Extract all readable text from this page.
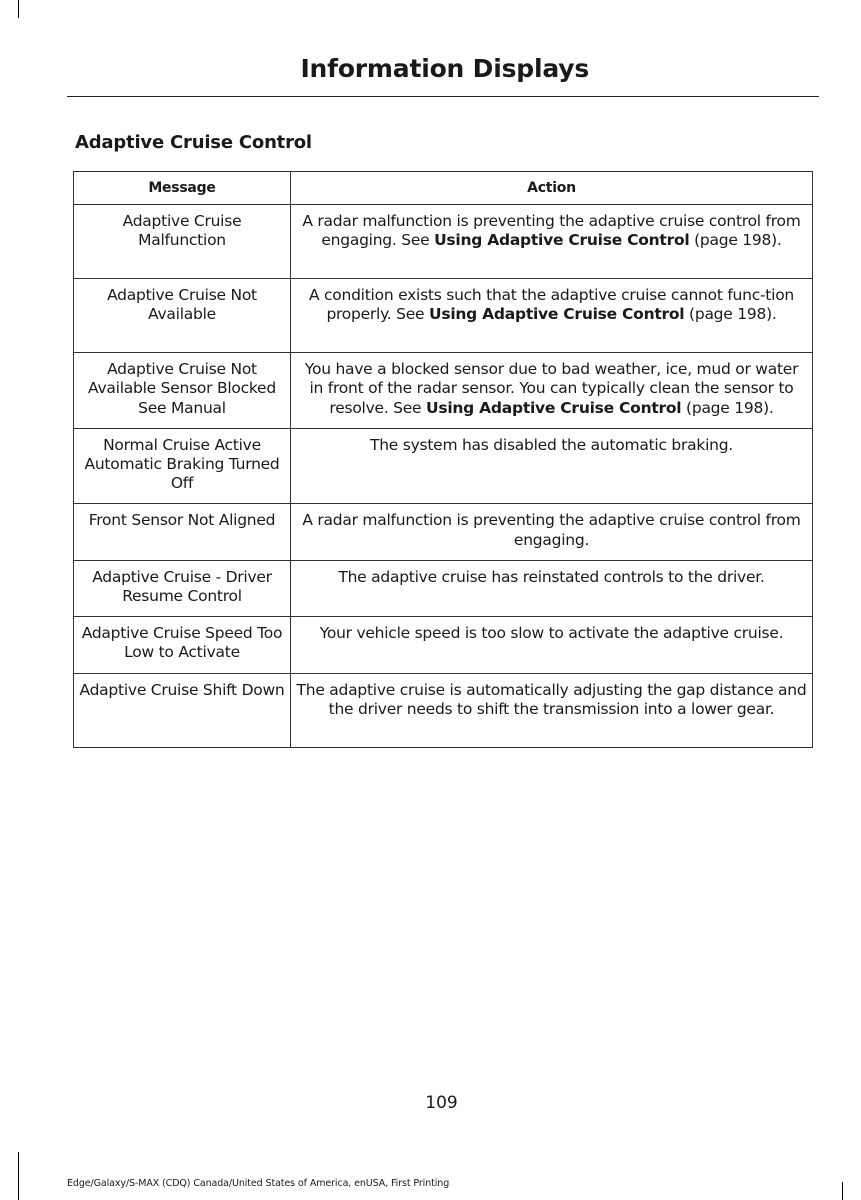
Information Displays
Adaptive Cruise Control
Message	Action
Adaptive Cruise Malfunction	A radar malfunction is preventing the adaptive cruise control from engaging. See Using Adaptive Cruise Control (page 198).
Adaptive Cruise Not Available	A condition exists such that the adaptive cruise cannot func-tion properly. See Using Adaptive Cruise Control (page 198).
Adaptive Cruise Not Available Sensor Blocked See Manual	You have a blocked sensor due to bad weather, ice, mud or water in front of the radar sensor. You can typically clean the sensor to resolve. See Using Adaptive Cruise Control (page 198).
Normal Cruise Active Automatic Braking Turned Off	The system has disabled the automatic braking.
Front Sensor Not Aligned	A radar malfunction is preventing the adaptive cruise control from engaging.
Adaptive Cruise - Driver Resume Control	The adaptive cruise has reinstated controls to the driver.
Adaptive Cruise Speed Too Low to Activate	Your vehicle speed is too slow to activate the adaptive cruise.
Adaptive Cruise Shift Down	The adaptive cruise is automatically adjusting the gap distance and the driver needs to shift the transmission into a lower gear.
109
Edge/Galaxy/S-MAX (CDQ) Canada/United States of America, enUSA, First Printing
